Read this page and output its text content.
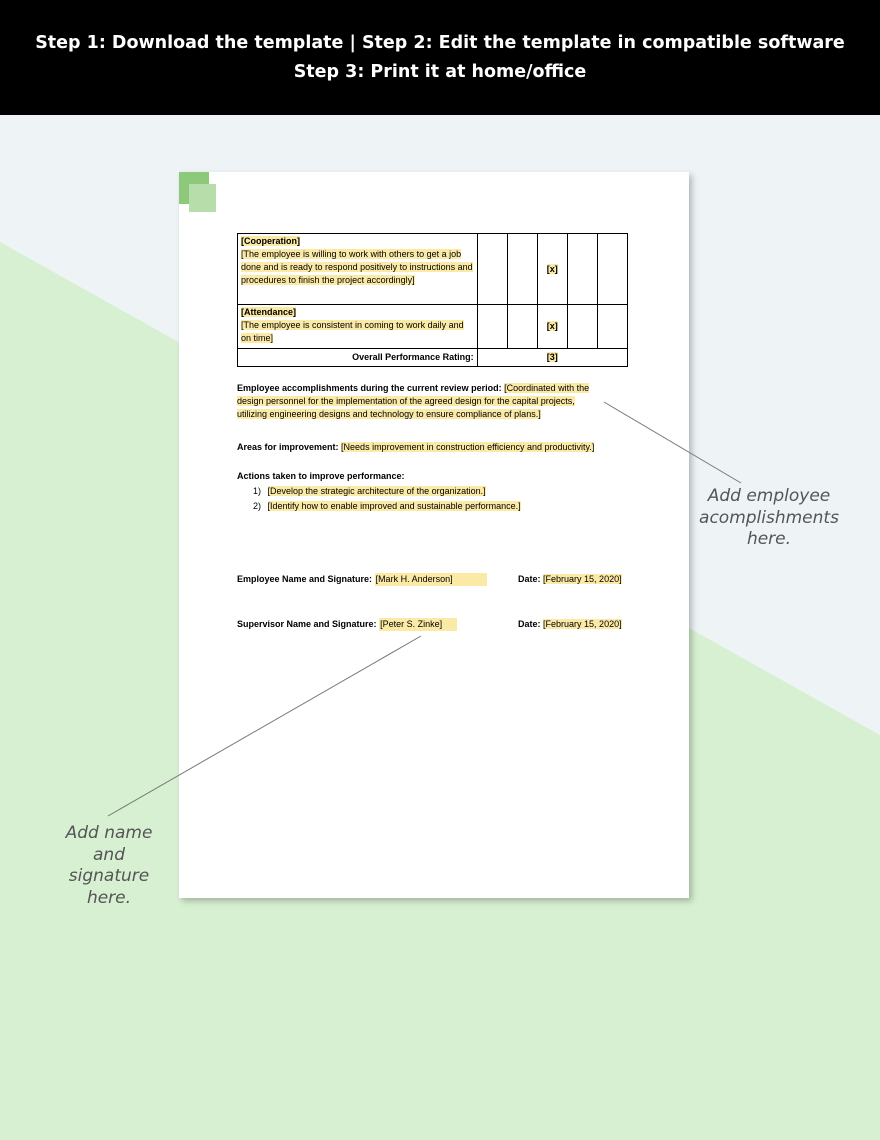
Step 1: Download the template | Step 2: Edit the template in compatible software
Step 3: Print it at home/office
[Cooperation]
[The employee is willing to work with others to get a job done and is ready to respond positively to instructions and procedures to finish the project accordingly]			[x]		
[Attendance]
[The employee is consistent in coming to work daily and on time]			[x]		
Overall Performance Rating:	[3]				
Employee accomplishments during the current review period: [Coordinated with the
design personnel for the implementation of the agreed design for the capital projects,
utilizing engineering designs and technology to ensure compliance of plans.]
Areas for improvement: [Needs improvement in construction efficiency and productivity.]
Actions taken to improve performance:
1) [Develop the strategic architecture of the organization.]
2) [Identify how to enable improved and sustainable performance.]
Employee Name and Signature: [Mark H. Anderson]	Date: [February 15, 2020]
Supervisor Name and Signature: [Peter S. Zinke]	Date: [February 15, 2020]
Add employee
acomplishments
here.
Add name
and
signature
here.
